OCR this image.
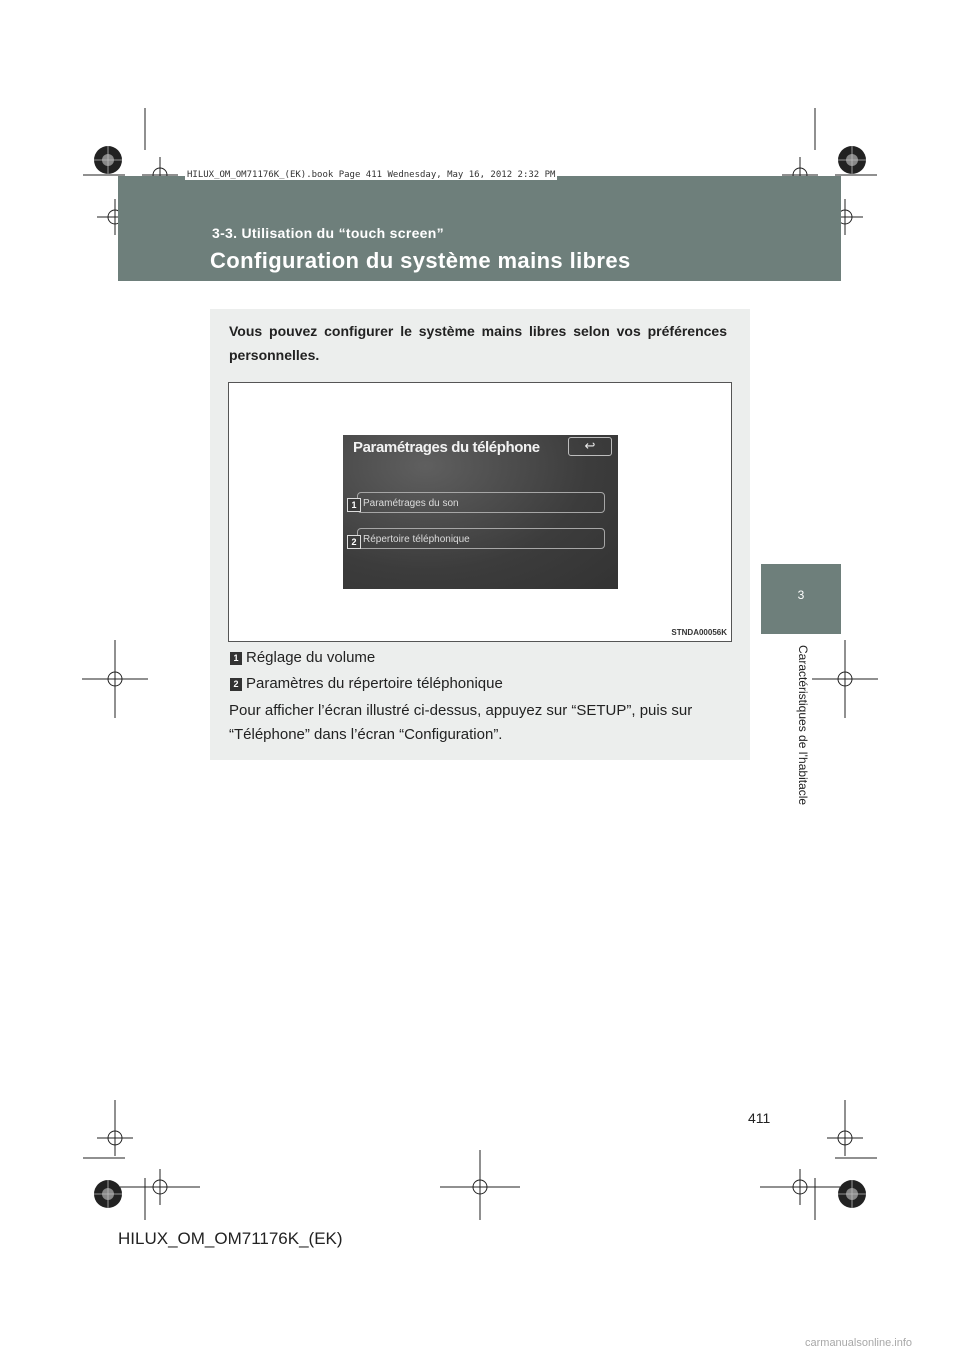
HILUX_OM_OM71176K_(EK).book Page 411 Wednesday, May 16, 2012 2:32 PM
3-3. Utilisation du “touch screen”
Configuration du système mains libres
3
Caractéristiques de l’habitacle
Vous pouvez configurer le système mains libres selon vos préférences personnelles.
Paramétrages du téléphone	↩
Paramétrages du son
Répertoire téléphonique
1
2
STNDA00056K
1 Réglage du volume
2 Paramètres du répertoire téléphonique
Pour afficher l’écran illustré ci-dessus, appuyez sur “SETUP”, puis sur “Téléphone” dans l’écran “Configuration”.
411
HILUX_OM_OM71176K_(EK)
carmanualsonline.info
